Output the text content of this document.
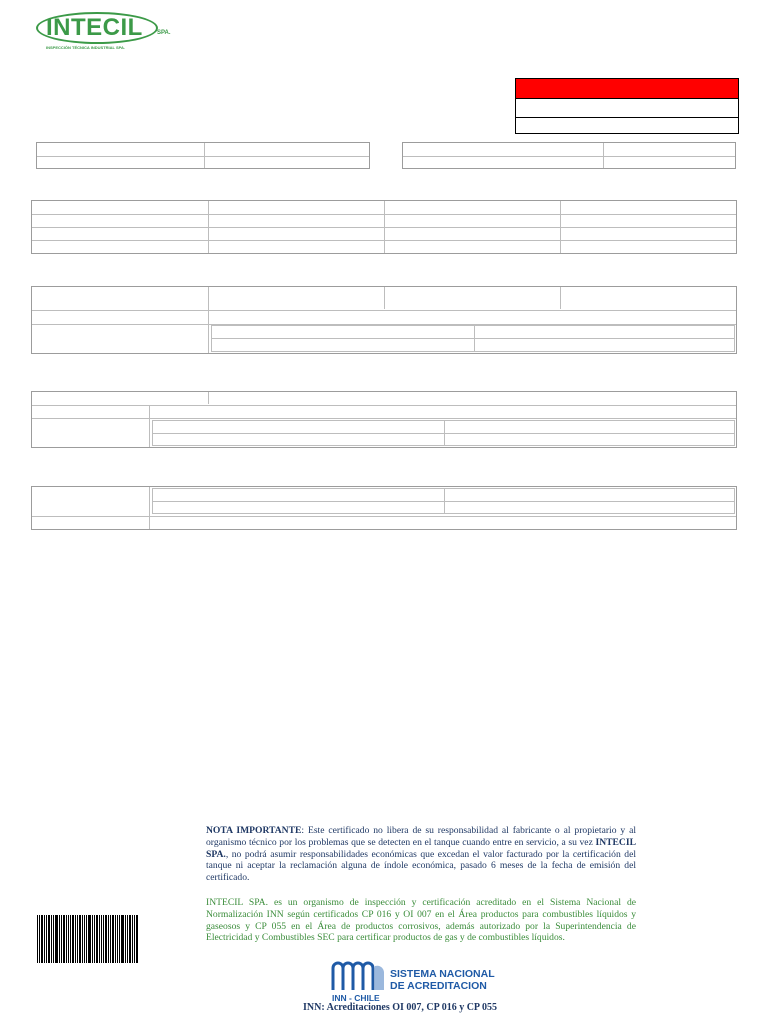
INTECIL SPA.
INSPECCIÓN TÉCNICA INDUSTRIAL SPA.
NOTA IMPORTANTE: Este certificado no libera de su responsabilidad al fabricante o al propietario y al organismo técnico por los problemas que se detecten en el tanque cuando entre en servicio, a su vez INTECIL SPA., no podrá asumir responsabilidades económicas que excedan el valor facturado por la certificación del tanque ni aceptar la reclamación alguna de índole económica, pasado 6 meses de la fecha de emisión del certificado.
INTECIL SPA. es un organismo de inspección y certificación acreditado en el Sistema Nacional de Normalización INN según certificados CP 016 y OI 007 en el Área productos para combustibles líquidos y gaseosos y CP 055 en el Área de productos corrosivos, además autorizado por la Superintendencia de Electricidad y Combustibles SEC para certificar productos de gas y de combustibles líquidos.
SISTEMA NACIONAL
DE ACREDITACION
INN - CHILE
INN: Acreditaciones OI 007, CP 016 y CP 055
